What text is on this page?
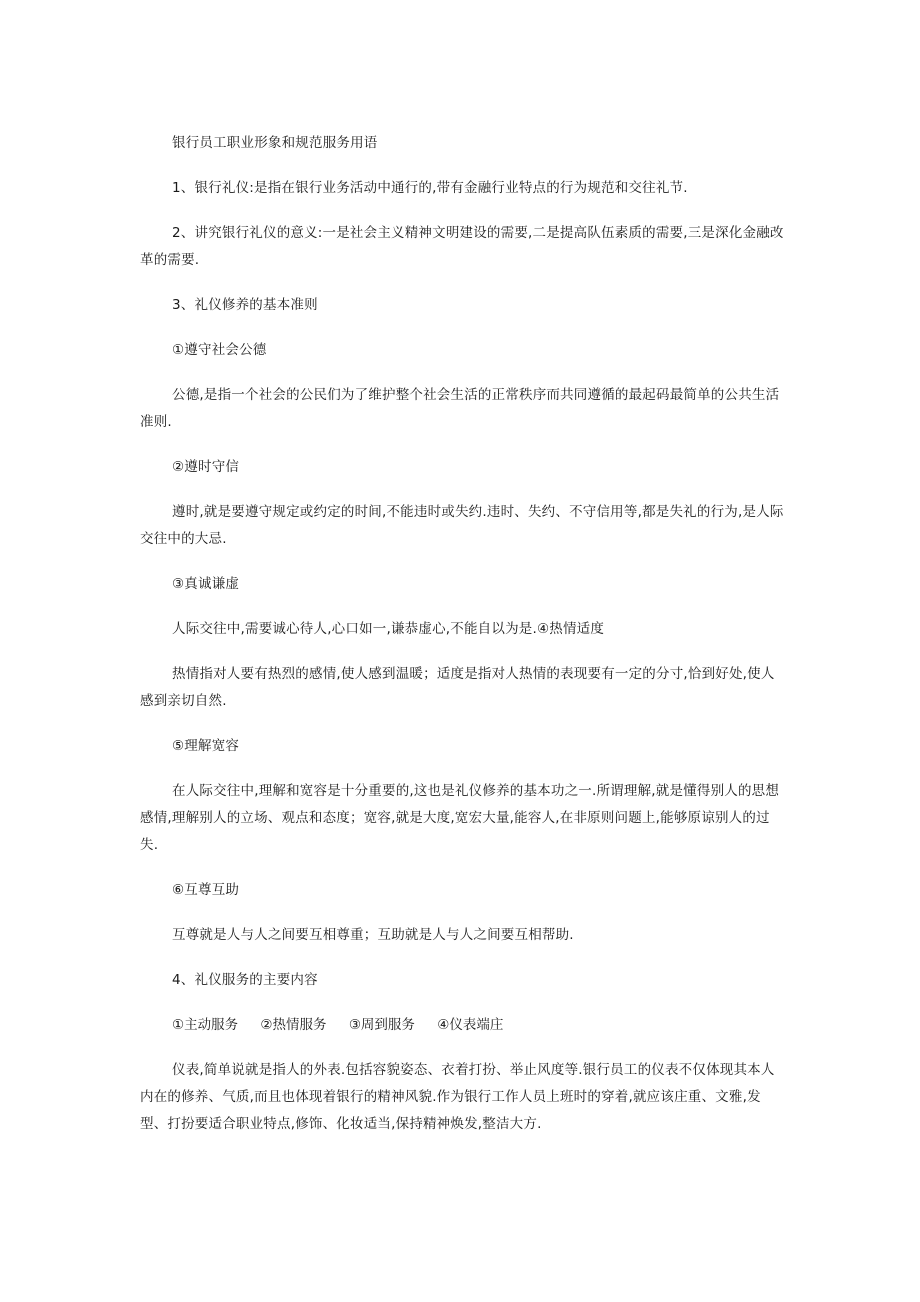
银行员工职业形象和规范服务用语

1、银行礼仪:是指在银行业务活动中通行的,带有金融行业特点的行为规范和交往礼节.

2、讲究银行礼仪的意义:一是社会主义精神文明建设的需要,二是提高队伍素质的需要,三是深化金融改革的需要.

3、礼仪修养的基本准则

①遵守社会公德

公德,是指一个社会的公民们为了维护整个社会生活的正常秩序而共同遵循的最起码最简单的公共生活准则.

②遵时守信

遵时,就是要遵守规定或约定的时间,不能违时或失约.违时、失约、不守信用等,都是失礼的行为,是人际交往中的大忌.

③真诚谦虚

人际交往中,需要诚心待人,心口如一,谦恭虚心,不能自以为是.④热情适度

热情指对人要有热烈的感情,使人感到温暖；适度是指对人热情的表现要有一定的分寸,恰到好处,使人感到亲切自然.

⑤理解宽容

在人际交往中,理解和宽容是十分重要的,这也是礼仪修养的基本功之一.所谓理解,就是懂得别人的思想感情,理解别人的立场、观点和态度；宽容,就是大度,宽宏大量,能容人,在非原则问题上,能够原谅别人的过失.

⑥互尊互助

互尊就是人与人之间要互相尊重；互助就是人与人之间要互相帮助.

4、礼仪服务的主要内容

①主动服务 ②热情服务 ③周到服务 ④仪表端庄

仪表,简单说就是指人的外表.包括容貌姿态、衣着打扮、举止风度等.银行员工的仪表不仅体现其本人内在的修养、气质,而且也体现着银行的精神风貌.作为银行工作人员上班时的穿着,就应该庄重、文雅,发型、打扮要适合职业特点,修饰、化妆适当,保持精神焕发,整洁大方.
